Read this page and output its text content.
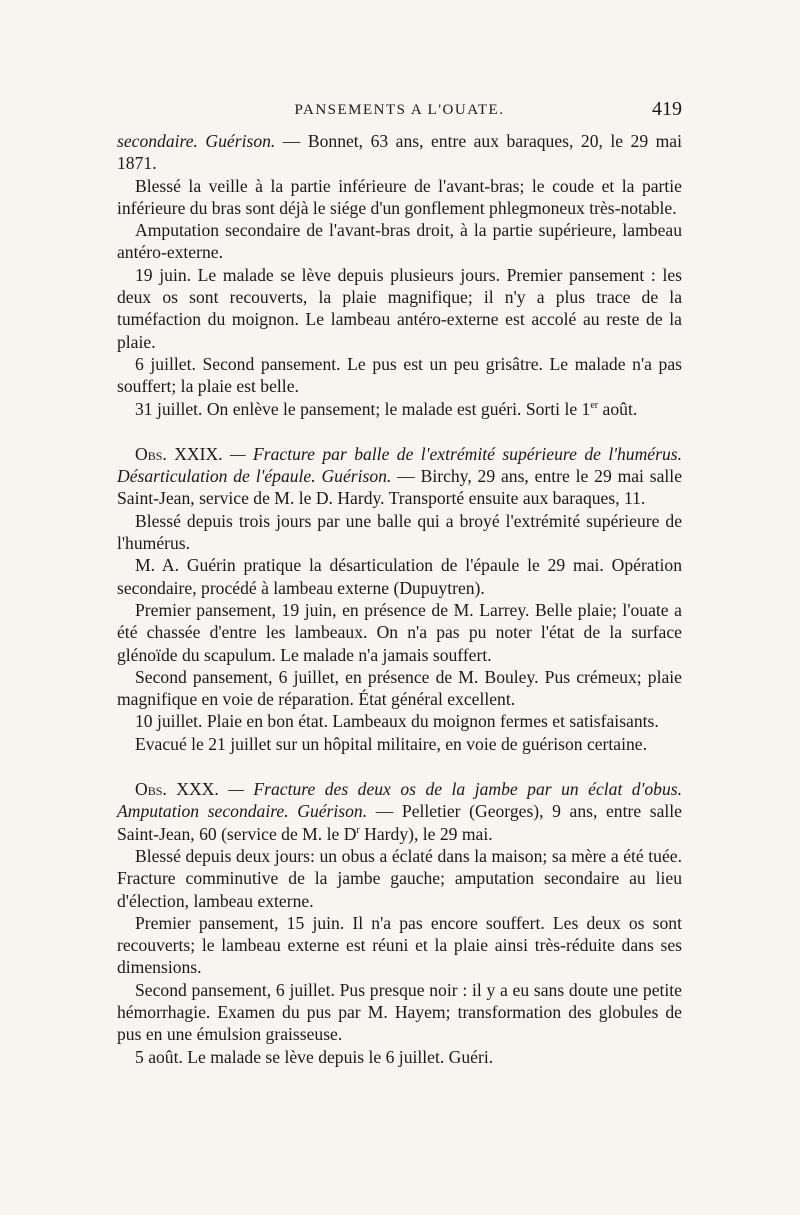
PANSEMENTS A L'OUATE.	419

secondaire. Guérison. — Bonnet, 63 ans, entre aux baraques, 20, le 29 mai 1871.

Blessé la veille à la partie inférieure de l'avant-bras; le coude et la partie inférieure du bras sont déjà le siége d'un gonflement phlegmoneux très-notable.

Amputation secondaire de l'avant-bras droit, à la partie supérieure, lambeau antéro-externe.

19 juin. Le malade se lève depuis plusieurs jours. Premier pansement : les deux os sont recouverts, la plaie magnifique; il n'y a plus trace de la tuméfaction du moignon. Le lambeau antéro-externe est accolé au reste de la plaie.

6 juillet. Second pansement. Le pus est un peu grisâtre. Le malade n'a pas souffert; la plaie est belle.

31 juillet. On enlève le pansement; le malade est guéri. Sorti le 1er août.

Obs. XXIX. — Fracture par balle de l'extrémité supérieure de l'humérus. Désarticulation de l'épaule. Guérison. — Birchy, 29 ans, entre le 29 mai salle Saint-Jean, service de M. le D. Hardy. Transporté ensuite aux baraques, 11.

Blessé depuis trois jours par une balle qui a broyé l'extrémité supérieure de l'humérus.

M. A. Guérin pratique la désarticulation de l'épaule le 29 mai. Opération secondaire, procédé à lambeau externe (Dupuytren).

Premier pansement, 19 juin, en présence de M. Larrey. Belle plaie; l'ouate a été chassée d'entre les lambeaux. On n'a pas pu noter l'état de la surface glénoïde du scapulum. Le malade n'a jamais souffert.

Second pansement, 6 juillet, en présence de M. Bouley. Pus crémeux; plaie magnifique en voie de réparation. État général excellent.

10 juillet. Plaie en bon état. Lambeaux du moignon fermes et satisfaisants.

Evacué le 21 juillet sur un hôpital militaire, en voie de guérison certaine.

Obs. XXX. — Fracture des deux os de la jambe par un éclat d'obus. Amputation secondaire. Guérison. — Pelletier (Georges), 9 ans, entre salle Saint-Jean, 60 (service de M. le $D^r$ Hardy), le 29 mai.

Blessé depuis deux jours: un obus a éclaté dans la maison; sa mère a été tuée. Fracture comminutive de la jambe gauche; amputation secondaire au lieu d'élection, lambeau externe.

Premier pansement, 15 juin. Il n'a pas encore souffert. Les deux os sont recouverts; le lambeau externe est réuni et la plaie ainsi très-réduite dans ses dimensions.

Second pansement, 6 juillet. Pus presque noir : il y a eu sans doute une petite hémorrhagie. Examen du pus par M. Hayem; transformation des globules de pus en une émulsion graisseuse.

5 août. Le malade se lève depuis le 6 juillet. Guéri.
